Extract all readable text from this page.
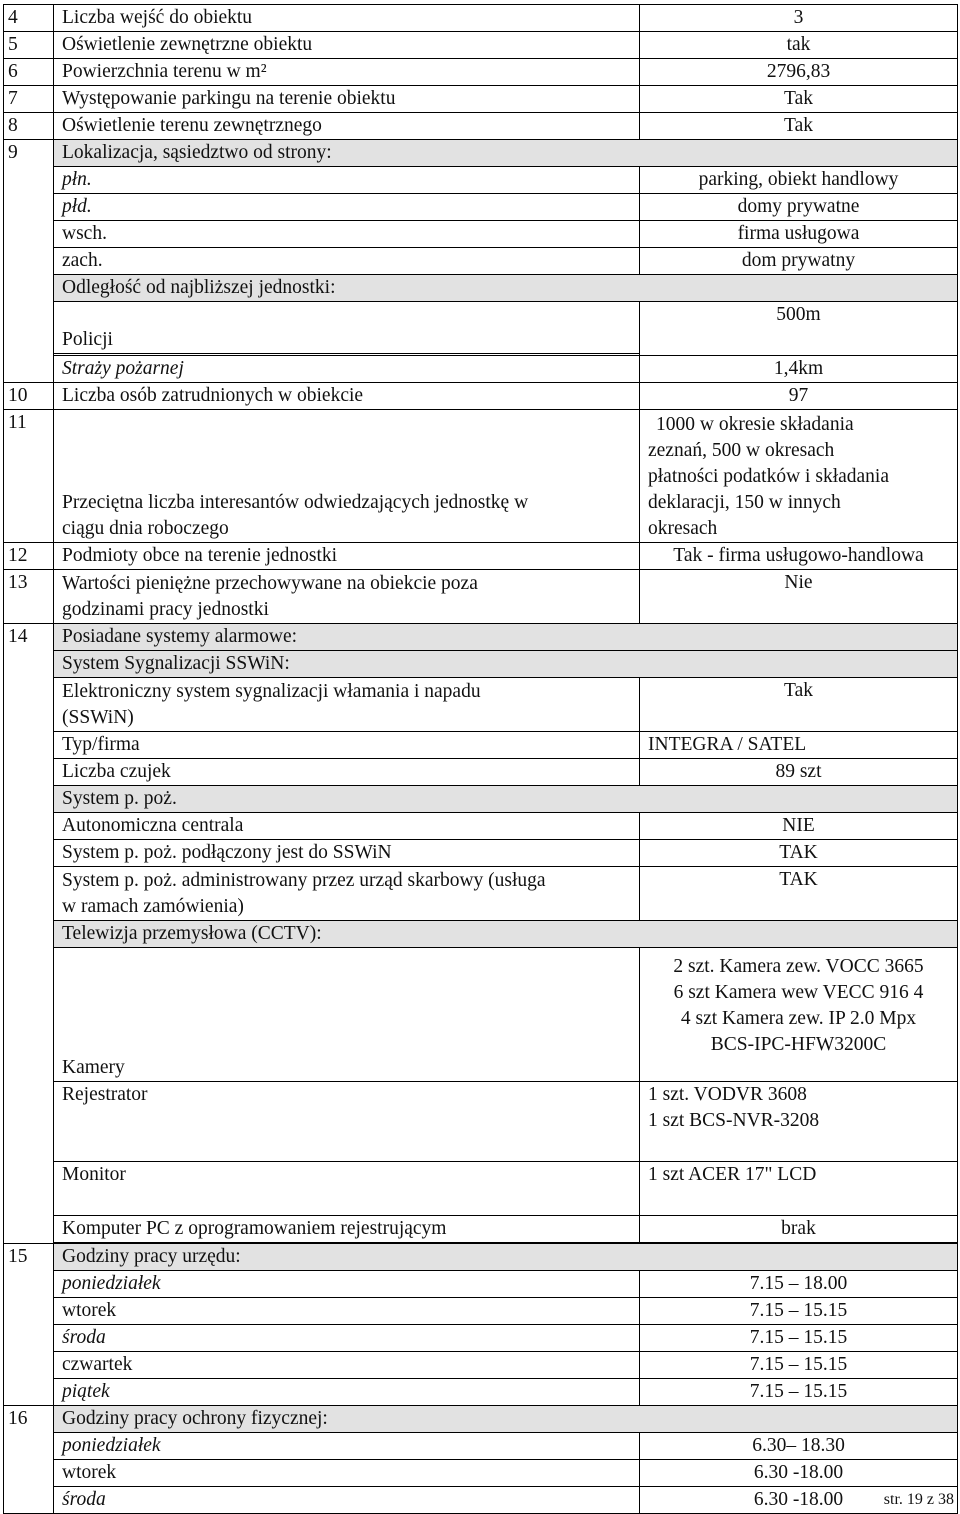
4	Liczba wejść do obiektu	3
5	Oświetlenie zewnętrzne obiektu	tak
6	Powierzchnia terenu w m²	2796,83
7	Występowanie parkingu na terenie obiektu	Tak
8	Oświetlenie terenu zewnętrznego	Tak
9	Lokalizacja, sąsiedztwo od strony:	
	płn.	parking, obiekt handlowy
	płd.	domy prywatne
	wsch.	firma usługowa
	zach.	dom prywatny
	Odległość od najbliższej jednostki:	
	Policji	500m

	Straży pożarnej	1,4km
10	Liczba osób zatrudnionych w obiekcie	97
11	Przeciętna liczba interesantów odwiedzających jednostkę w
ciągu dnia roboczego	1000 w okresie składania
zeznań, 500 w okresach
płatności podatków i składania
deklaracji, 150 w innych
okresach

12	Podmioty obce na terenie jednostki	Tak - firma usługowo-handlowa
13	Wartości pieniężne przechowywane na obiekcie poza
godzinami pracy jednostki	Nie
14	Posiadane systemy alarmowe:	
	System Sygnalizacji SSWiN:	

	Elektroniczny system sygnalizacji włamania i napadu
(SSWiN)	Tak
	Typ/firma	INTEGRA / SATEL
	Liczba czujek	89 szt
	System p. poż.	
	Autonomiczna centrala	NIE
	System p. poż. podłączony jest do SSWiN	TAK

	System p. poż. administrowany przez urząd skarbowy (usługa
w ramach zamówienia)	TAK
	Telewizja przemysłowa (CCTV):	
	Kamery	2 szt. Kamera zew. VOCC 3665
6 szt Kamera wew VECC 916 4
4 szt Kamera zew. IP 2.0 Mpx
BCS-IPC-HFW3200C

	Rejestrator	1 szt. VODVR 3608
1 szt BCS-NVR-3208

	Monitor	1 szt ACER 17" LCD
	Komputer PC z oprogramowaniem rejestrującym	brak

15	Godziny pracy urzędu:	
	poniedziałek	7.15 – 18.00
	wtorek	7.15 – 15.15
	środa	7.15 – 15.15
	czwartek	7.15 – 15.15
	piątek	7.15 – 15.15
16	Godziny pracy ochrony fizycznej:	
	poniedziałek	6.30– 18.30
	wtorek	6.30 -18.00
	środa	6.30 -18.00	str. 19 z 38
